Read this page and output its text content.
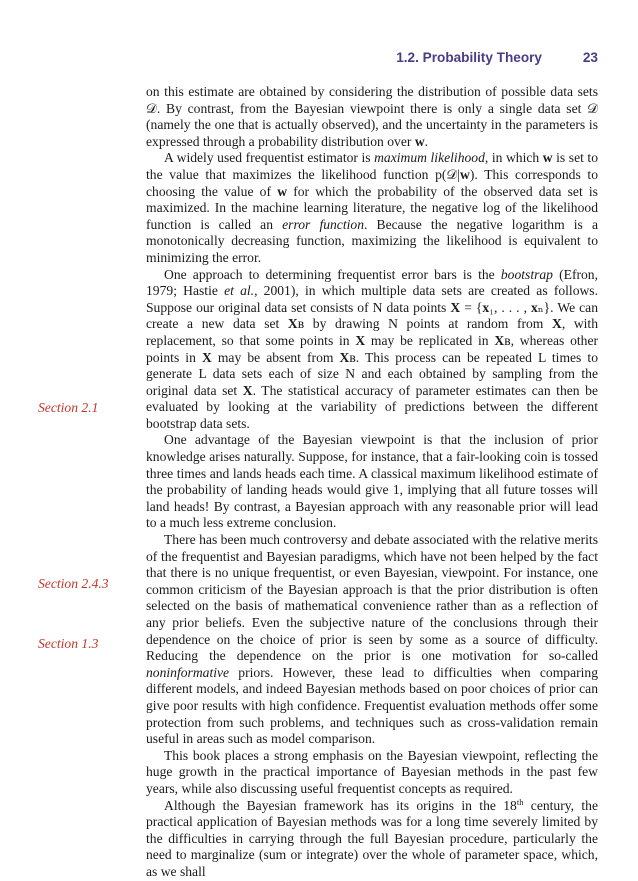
1.2. Probability Theory	23
Section 2.1
Section 2.4.3
Section 1.3

on this estimate are obtained by considering the distribution of possible data sets 𝒟. By contrast, from the Bayesian viewpoint there is only a single data set 𝒟 (namely the one that is actually observed), and the uncertainty in the parameters is expressed through a probability distribution over w.

A widely used frequentist estimator is maximum likelihood, in which w is set to the value that maximizes the likelihood function p(𝒟|w). This corresponds to choosing the value of w for which the probability of the observed data set is maximized. In the machine learning literature, the negative log of the likelihood function is called an error function. Because the negative logarithm is a monotonically decreasing function, maximizing the likelihood is equivalent to minimizing the error.

One approach to determining frequentist error bars is the bootstrap (Efron, 1979; Hastie et al., 2001), in which multiple data sets are created as follows. Suppose our original data set consists of N data points X = {x₁, . . . , xₙ}. We can create a new data set Xʙ by drawing N points at random from X, with replacement, so that some points in X may be replicated in Xʙ, whereas other points in X may be absent from Xʙ. This process can be repeated L times to generate L data sets each of size N and each obtained by sampling from the original data set X. The statistical accuracy of parameter estimates can then be evaluated by looking at the variability of predictions between the different bootstrap data sets.

One advantage of the Bayesian viewpoint is that the inclusion of prior knowledge arises naturally. Suppose, for instance, that a fair-looking coin is tossed three times and lands heads each time. A classical maximum likelihood estimate of the probability of landing heads would give 1, implying that all future tosses will land heads! By contrast, a Bayesian approach with any reasonable prior will lead to a much less extreme conclusion.

There has been much controversy and debate associated with the relative merits of the frequentist and Bayesian paradigms, which have not been helped by the fact that there is no unique frequentist, or even Bayesian, viewpoint. For instance, one common criticism of the Bayesian approach is that the prior distribution is often selected on the basis of mathematical convenience rather than as a reflection of any prior beliefs. Even the subjective nature of the conclusions through their dependence on the choice of prior is seen by some as a source of difficulty. Reducing the dependence on the prior is one motivation for so-called noninformative priors. However, these lead to difficulties when comparing different models, and indeed Bayesian methods based on poor choices of prior can give poor results with high confidence. Frequentist evaluation methods offer some protection from such problems, and techniques such as cross-validation remain useful in areas such as model comparison.

This book places a strong emphasis on the Bayesian viewpoint, reflecting the huge growth in the practical importance of Bayesian methods in the past few years, while also discussing useful frequentist concepts as required.

Although the Bayesian framework has its origins in the 18th century, the practical application of Bayesian methods was for a long time severely limited by the difficulties in carrying through the full Bayesian procedure, particularly the need to marginalize (sum or integrate) over the whole of parameter space, which, as we shall
